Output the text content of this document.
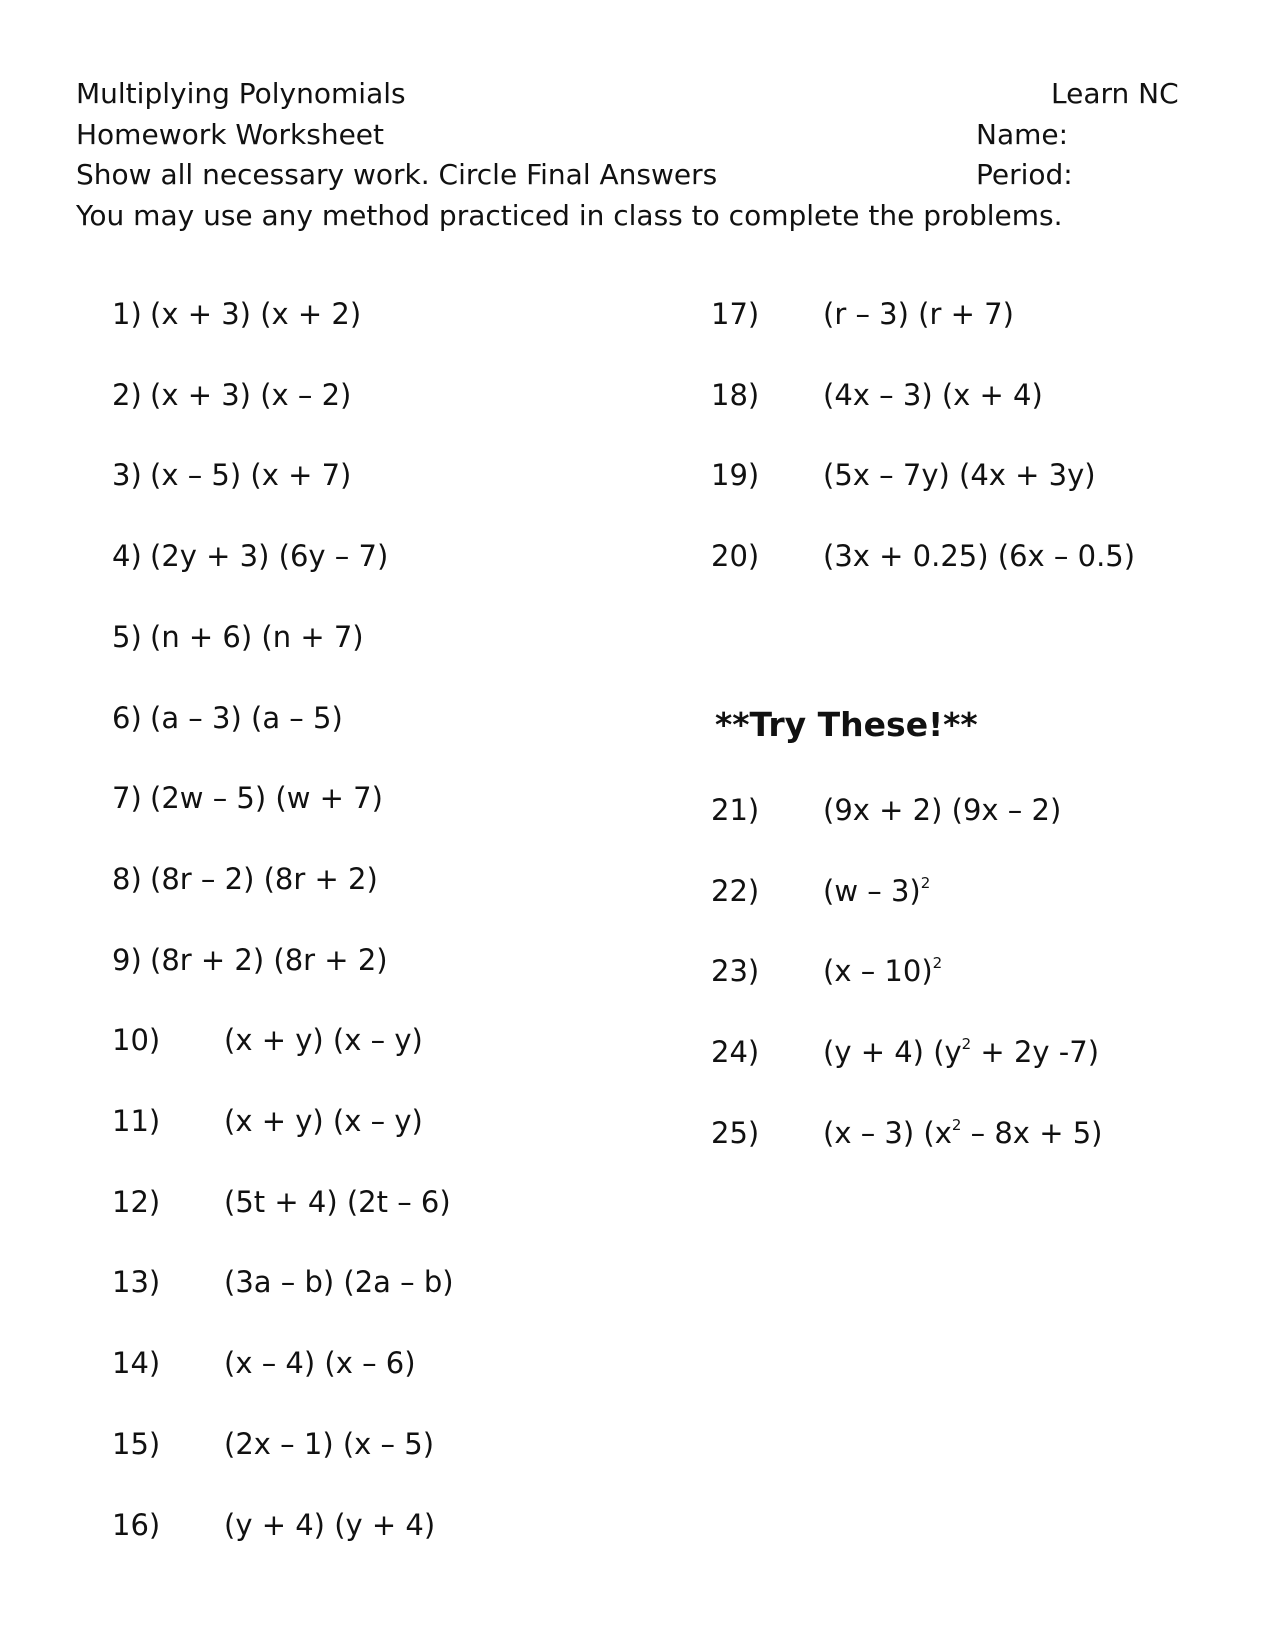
Multiplying Polynomials	Learn NC
Homework Worksheet	Name:
Show all necessary work. Circle Final Answers	Period:
You may use any method practiced in class to complete the problems.
1) (x + 3) (x + 2)
2) (x + 3) (x – 2)
3) (x – 5) (x + 7)
4) (2y + 3) (6y – 7)
5) (n + 6) (n + 7)
6) (a – 3) (a – 5)
7) (2w – 5) (w + 7)
8) (8r – 2) (8r + 2)
9) (8r + 2) (8r + 2)
10) (x + y) (x – y)
11) (x + y) (x – y)
12) (5t + 4) (2t – 6)
13) (3a – b) (2a – b)
14) (x – 4) (x – 6)
15) (2x – 1) (x – 5)
16) (y + 4) (y + 4)
17) (r – 3) (r + 7)
18) (4x – 3) (x + 4)
19) (5x – 7y) (4x + 3y)
20) (3x + 0.25) (6x – 0.5)
**Try These!**
21) (9x + 2) (9x – 2)
22) (w – 3)$^2$
23) (x – 10)$^2$
24) (y + 4) ($y^2 + 2y$ -7)
25) (x – 3) $(x^2 - 8x + 5)$
